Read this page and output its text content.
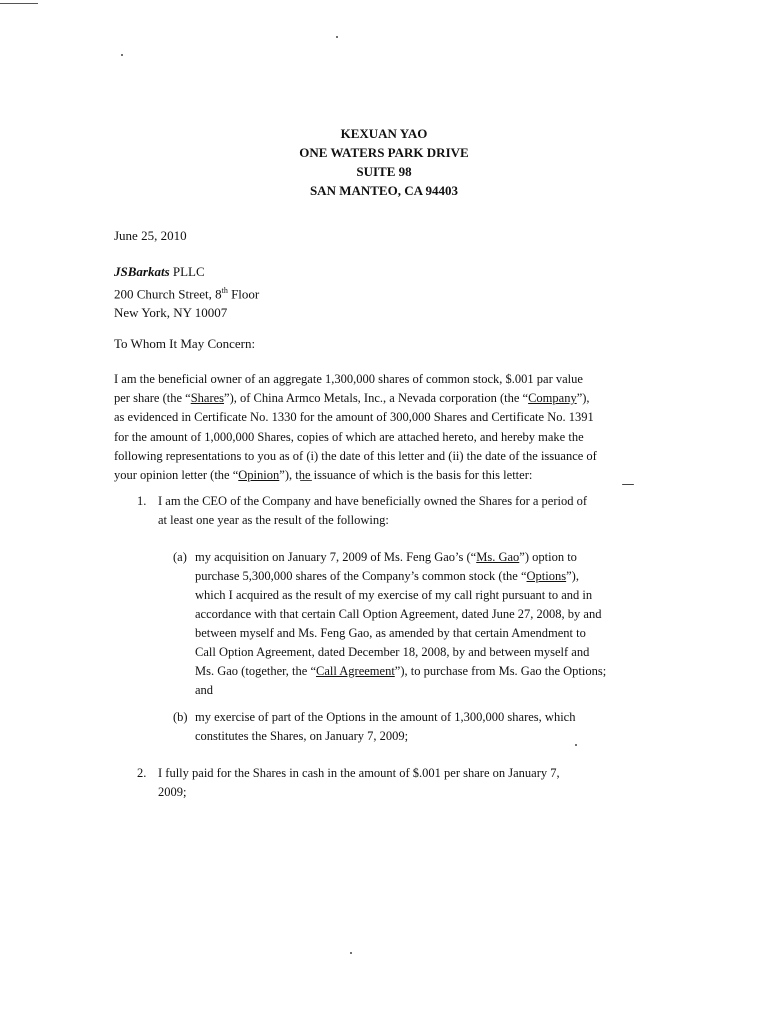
KEXUAN YAO
ONE WATERS PARK DRIVE
SUITE 98
SAN MANTEO, CA 94403
June 25, 2010
JSBarkats PLLC
200 Church Street, 8th Floor
New York, NY 10007
To Whom It May Concern:

I am the beneficial owner of an aggregate 1,300,000 shares of common stock, $.001 par value

per share (the “Shares”), of China Armco Metals, Inc., a Nevada corporation (the “Company”),

as evidenced in Certificate No. 1330 for the amount of 300,000 Shares and Certificate No. 1391

for the amount of 1,000,000 Shares, copies of which are attached hereto, and hereby make the

following representations to you as of (i) the date of this letter and (ii) the date of the issuance of

your opinion letter (the “Opinion”), the issuance of which is the basis for this letter:

1. I am the CEO of the Company and have beneficially owned the Shares for a period of
at least one year as the result of the following:
(a) my acquisition on January 7, 2009 of Ms. Feng Gao’s (“Ms. Gao”) option to
purchase 5,300,000 shares of the Company’s common stock (the “Options”),
which I acquired as the result of my exercise of my call right pursuant to and in
accordance with that certain Call Option Agreement, dated June 27, 2008, by and
between myself and Ms. Feng Gao, as amended by that certain Amendment to
Call Option Agreement, dated December 18, 2008, by and between myself and
Ms. Gao (together, the “Call Agreement”), to purchase from Ms. Gao the Options;
and
(b) my exercise of part of the Options in the amount of 1,300,000 shares, which
constitutes the Shares, on January 7, 2009;
2. I fully paid for the Shares in cash in the amount of $.001 per share on January 7,
2009;
